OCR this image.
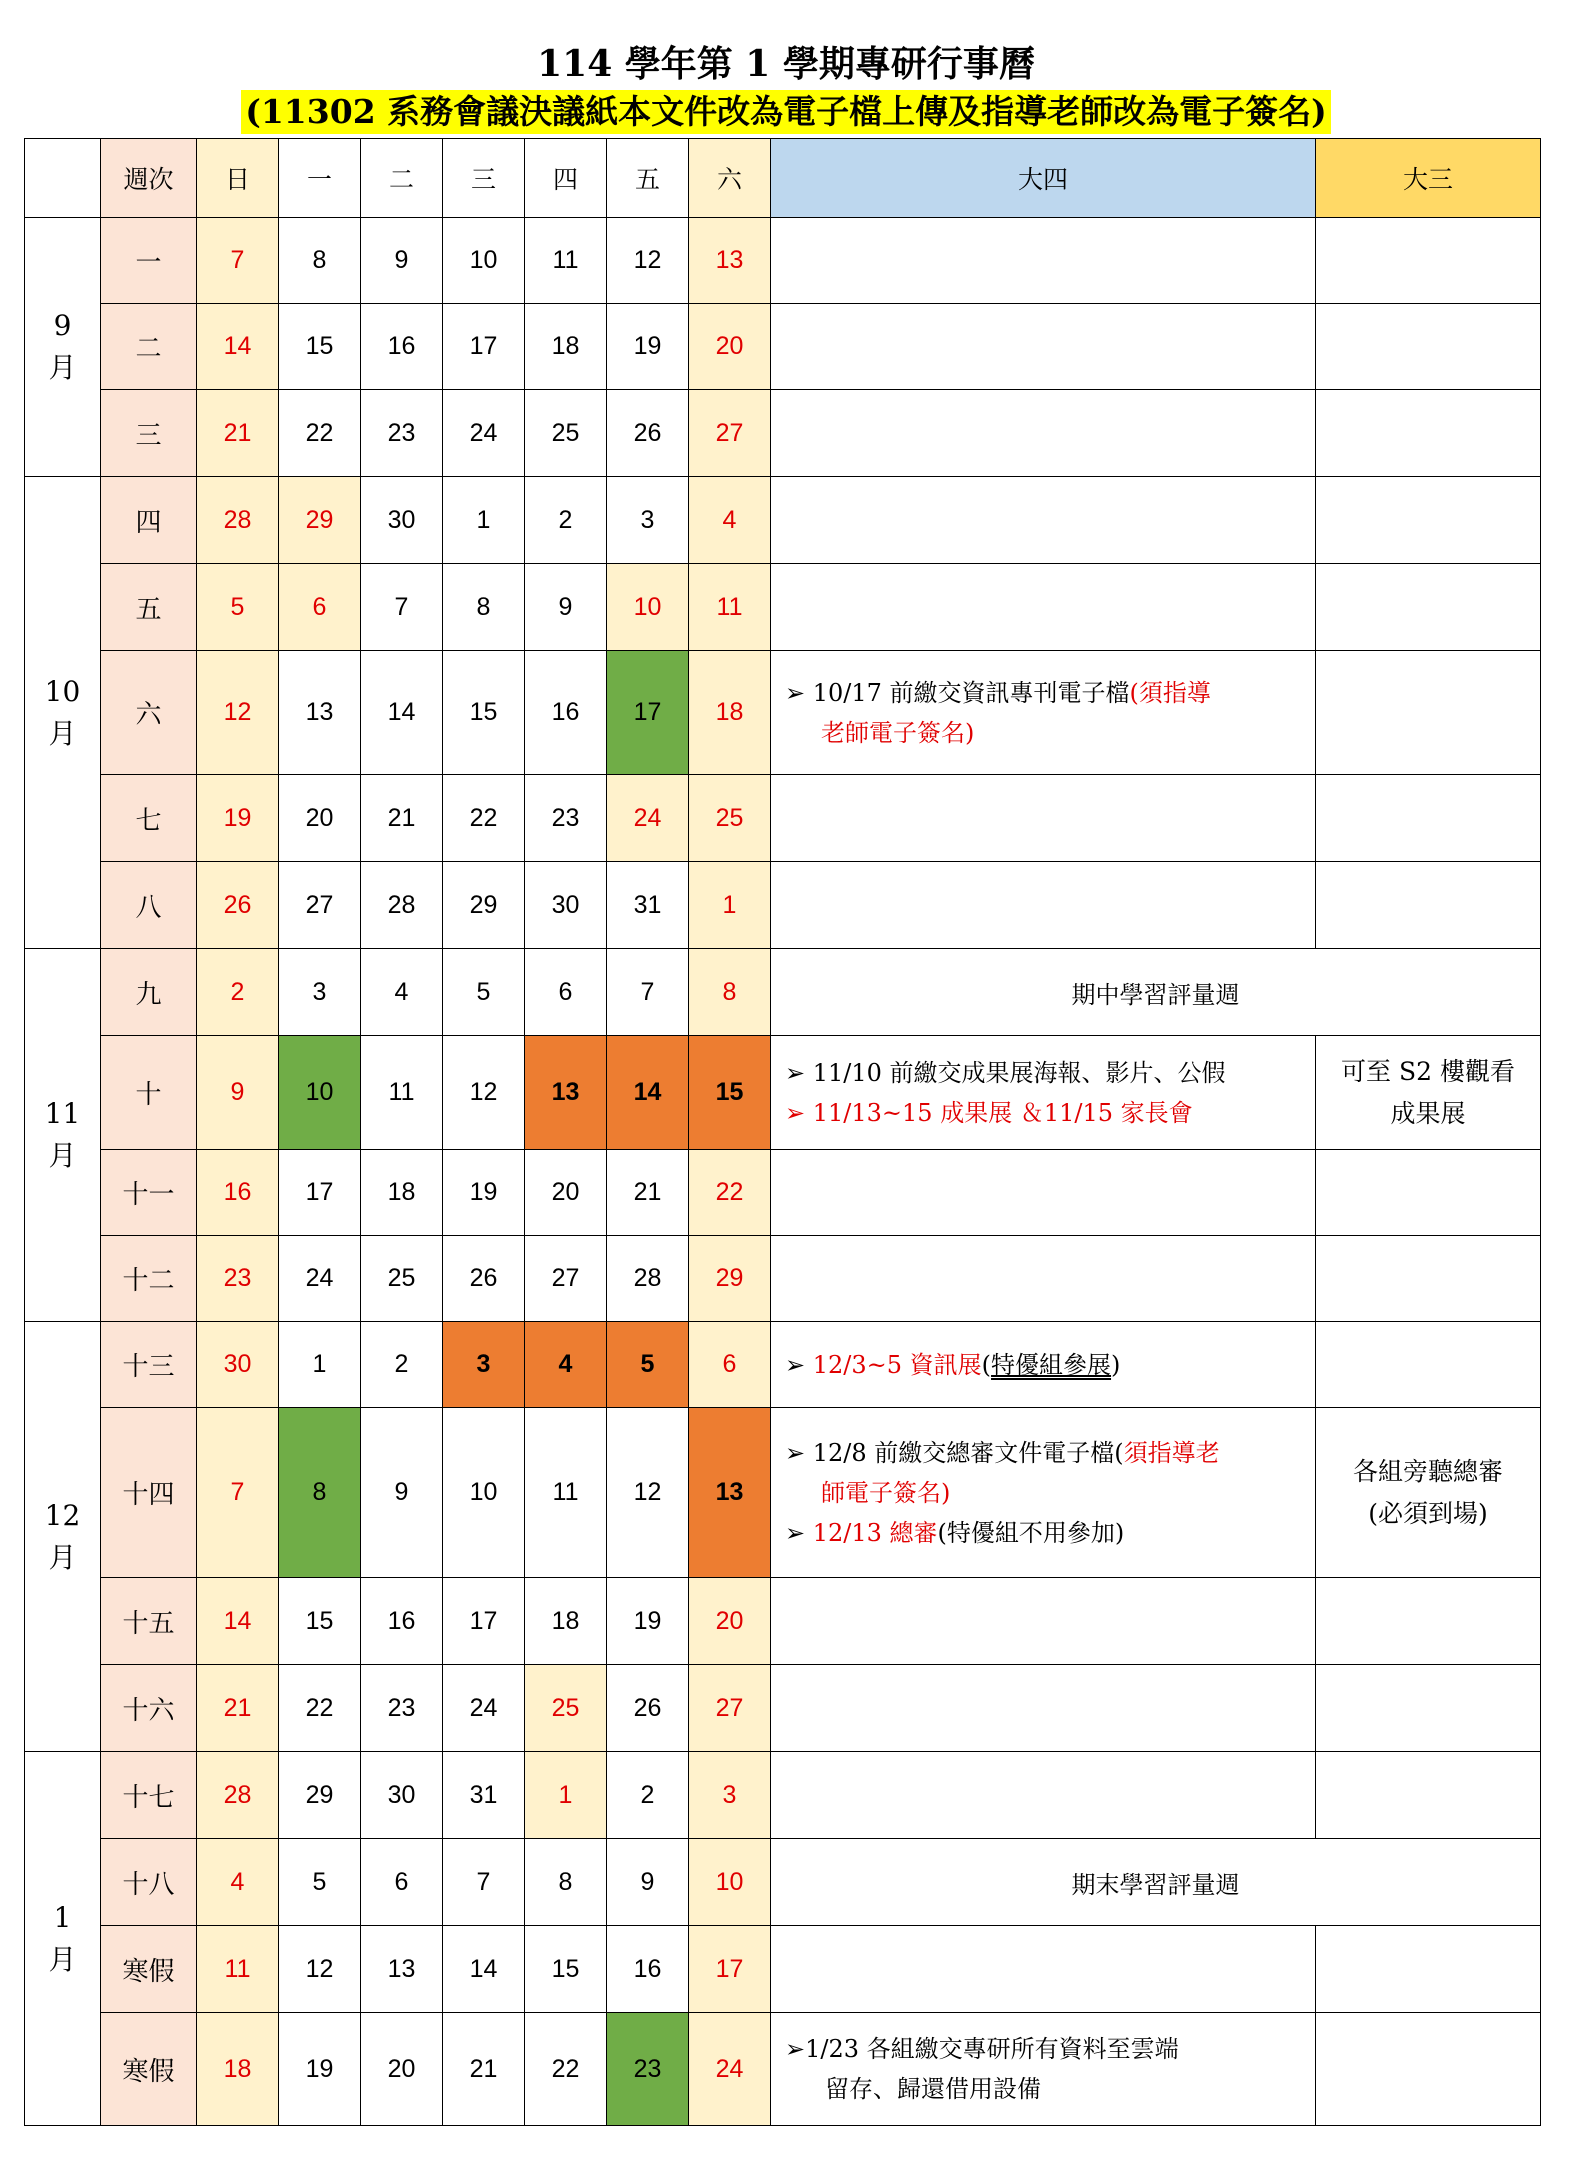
114 學年第 1 學期專研行事曆
(11302 系務會議決議紙本文件改為電子檔上傳及指導老師改為電子簽名)
	週次	日	一	二	三	四	五	六	大四	大三
9
月	一	7	8	9	10	11	12	13		
	二	14	15	16	17	18	19	20		
	三	21	22	23	24	25	26	27		
10
月	四	28	29	30	1	2	3	4		
	五	5	6	7	8	9	10	11		
	六	12	13	14	15	16	17	18	➢ 10/17 前繳交資訊專刊電子檔(須指導
老師電子簽名)	

	七	19	20	21	22	23	24	25		
	八	26	27	28	29	30	31	1		
11
月	九	2	3	4	5	6	7	8	期中學習評量週	
	十	9	10	11	12	13	14	15	➢ 11/10 前繳交成果展海報、影片、公假
➢ 11/13~15 成果展 ＆11/15 家長會	可至 S2 樓觀看
成果展
	十一	16	17	18	19	20	21	22		
	十二	23	24	25	26	27	28	29		
12
月	十三	30	1	2	3	4	5	6	➢ 12/3~5 資訊展(特優組參展)	

	十四	7	8	9	10	11	12	13	➢ 12/8 前繳交總審文件電子檔(須指導老
師電子簽名)
➢ 12/13 總審(特優組不用參加)	各組旁聽總審
(必須到場)
	十五	14	15	16	17	18	19	20		
	十六	21	22	23	24	25	26	27		
1
月	十七	28	29	30	31	1	2	3		
	十八	4	5	6	7	8	9	10	期末學習評量週	
	寒假	11	12	13	14	15	16	17		
	寒假	18	19	20	21	22	23	24	➢1/23 各組繳交專研所有資料至雲端
留存、歸還借用設備	
